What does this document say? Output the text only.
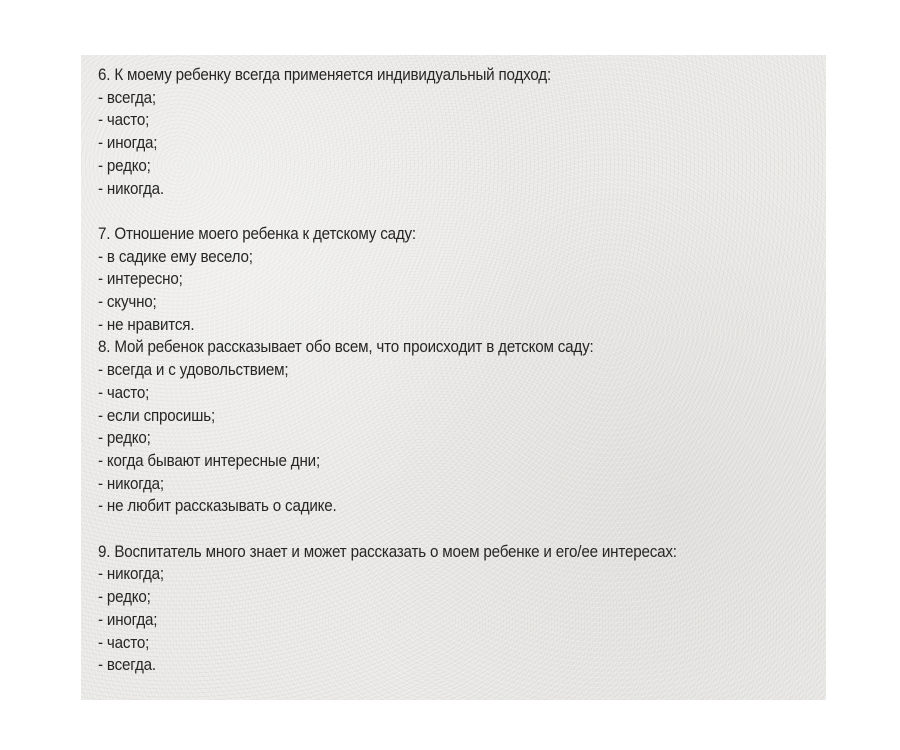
6. К моему ребенку всегда применяется индивидуальный подход:
- всегда;
- часто;
- иногда;
- редко;
- никогда.
7. Отношение моего ребенка к детскому саду:
- в садике ему весело;
- интересно;
- скучно;
- не нравится.
8. Мой ребенок рассказывает обо всем, что происходит в детском саду:
- всегда и с удовольствием;
- часто;
- если спросишь;
- редко;
- когда бывают интересные дни;
- никогда;
- не любит рассказывать о садике.
9. Воспитатель много знает и может рассказать о моем ребенке и его/ее интересах:
- никогда;
- редко;
- иногда;
- часто;
- всегда.
